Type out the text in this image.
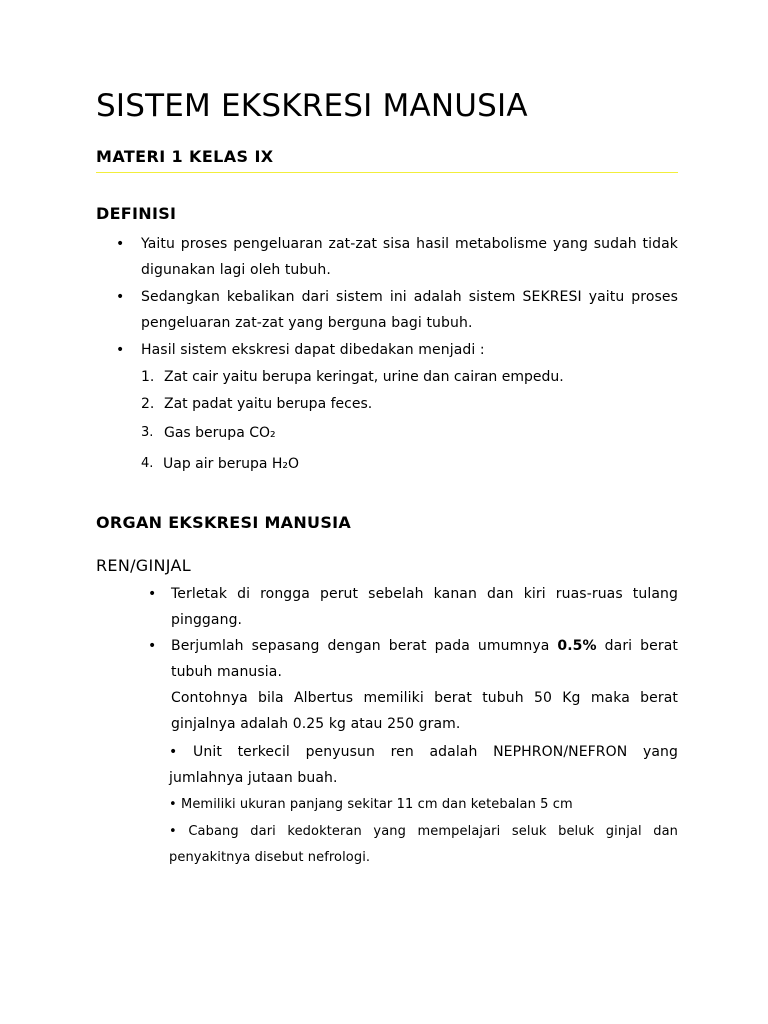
SISTEM EKSKRESI MANUSIA
MATERI 1 KELAS IX
DEFINISI
• Yaitu proses pengeluaran zat-zat sisa hasil metabolisme yang sudah tidak digunakan lagi oleh tubuh.
• Sedangkan kebalikan dari sistem ini adalah sistem SEKRESI yaitu proses pengeluaran zat-zat yang berguna bagi tubuh.
• Hasil sistem ekskresi dapat dibedakan menjadi :
1. Zat cair yaitu berupa keringat, urine dan cairan empedu.
2. Zat padat yaitu berupa feces.
3. Gas berupa CO₂
4. Uap air berupa H₂O
ORGAN EKSKRESI MANUSIA
REN/GINJAL
• Terletak di rongga perut sebelah kanan dan kiri ruas-ruas tulang pinggang.
• Berjumlah sepasang dengan berat pada umumnya 0.5% dari berat tubuh manusia.
Contohnya bila Albertus memiliki berat tubuh 50 Kg maka berat ginjalnya adalah 0.25 kg atau 250 gram.
• Unit terkecil penyusun ren adalah NEPHRON/NEFRON yang jumlahnya jutaan buah.
• Memiliki ukuran panjang sekitar 11 cm dan ketebalan 5 cm
• Cabang dari kedokteran yang mempelajari seluk beluk ginjal dan penyakitnya disebut nefrologi.
